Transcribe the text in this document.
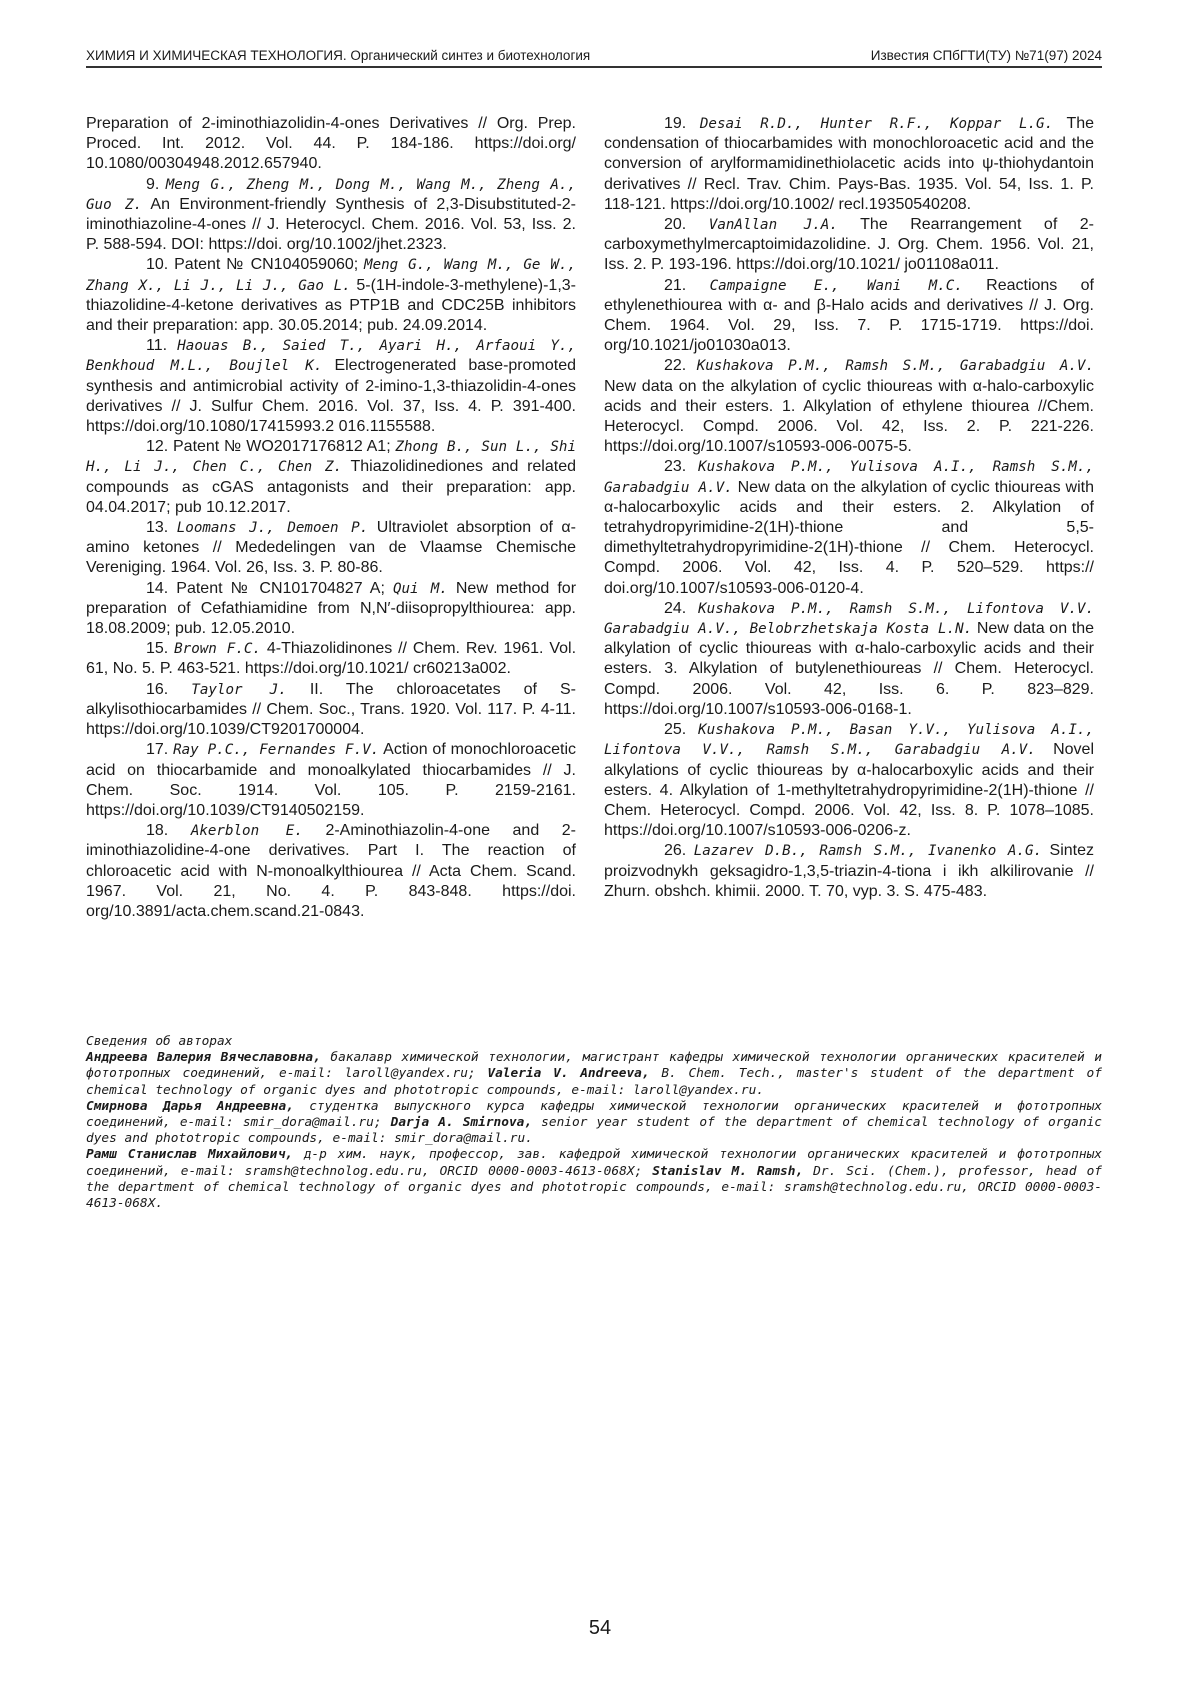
ХИМИЯ И ХИМИЧЕСКАЯ ТЕХНОЛОГИЯ. Органический синтез и биотехнология	Известия СПбГТИ(ТУ) №71(97) 2024

Preparation of 2-iminothiazolidin-4-ones Derivatives // Org. Prep. Proced. Int. 2012. Vol. 44. P. 184-186. https://doi.org/ 10.1080/00304948.2012.657940.

9. Meng G., Zheng M., Dong M., Wang M., Zheng A., Guo Z. An Environment-friendly Synthesis of 2,3-Disubstituted-2-iminothiazoline-4-ones // J. Heterocycl. Chem. 2016. Vol. 53, Iss. 2. P. 588-594. DOI: https://doi. org/10.1002/jhet.2323.

10. Patent № CN104059060; Meng G., Wang M., Ge W., Zhang X., Li J., Li J., Gao L. 5-(1H-indole-3-methylene)-1,3-thiazolidine-4-ketone derivatives as PTP1B and CDC25B inhibitors and their preparation: app. 30.05.2014; pub. 24.09.2014.

11. Haouas B., Saied T., Ayari H., Arfaoui Y., Benkhoud M.L., Boujlel K. Electrogenerated base-promoted synthesis and antimicrobial activity of 2-imino-1,3-thiazolidin-4-ones derivatives // J. Sulfur Chem. 2016. Vol. 37, Iss. 4. P. 391-400. https://doi.org/10.1080/17415993.2 016.1155588.

12. Patent № WO2017176812 A1; Zhong B., Sun L., Shi H., Li J., Chen C., Chen Z. Thiazolidinediones and related compounds as cGAS antagonists and their preparation: app. 04.04.2017; pub 10.12.2017.

13. Loomans J., Demoen P. Ultraviolet absorption of α-amino ketones // Mededelingen van de Vlaamse Chemische Vereniging. 1964. Vol. 26, Iss. 3. P. 80-86.

14. Patent № CN101704827 A; Qui M. New method for preparation of Cefathiamidine from N,N′-diisopropylthiourea: app. 18.08.2009; pub. 12.05.2010.

15. Brown F.C. 4-Thiazolidinones // Chem. Rev. 1961. Vol. 61, No. 5. P. 463-521. https://doi.org/10.1021/ cr60213a002.

16. Taylor J. II. The chloroacetates of S-alkylisothiocarbamides // Chem. Soc., Trans. 1920. Vol. 117. P. 4-11. https://doi.org/10.1039/CT9201700004.

17. Ray P.C., Fernandes F.V. Action of monochloroacetic acid on thiocarbamide and monoalkylated thiocarbamides // J. Chem. Soc. 1914. Vol. 105. P. 2159-2161. https://doi.org/10.1039/CT9140502159.

18. Akerblon E. 2-Aminothiazolin-4-one and 2-iminothiazolidine-4-one derivatives. Part I. The reaction of chloroacetic acid with N-monoalkylthiourea // Acta Chem. Scand. 1967. Vol. 21, No. 4. P. 843-848. https://doi. org/10.3891/acta.chem.scand.21-0843.

19. Desai R.D., Hunter R.F., Koppar L.G. The condensation of thiocarbamides with monochloroacetic acid and the conversion of arylformamidinethiolacetic acids into ψ-thiohydantoin derivatives // Recl. Trav. Chim. Pays-Bas. 1935. Vol. 54, Iss. 1. P. 118-121. https://doi.org/10.1002/ recl.19350540208.

20. VanAllan J.A. The Rearrangement of 2-carboxymethylmercaptoimidazolidine. J. Org. Chem. 1956. Vol. 21, Iss. 2. P. 193-196. https://doi.org/10.1021/ jo01108a011.

21. Campaigne E., Wani M.C. Reactions of ethylenethiourea with α- and β-Halo acids and derivatives // J. Org. Chem. 1964. Vol. 29, Iss. 7. P. 1715-1719. https://doi. org/10.1021/jo01030a013.

22. Kushakova P.M., Ramsh S.M., Garabadgiu A.V. New data on the alkylation of cyclic thioureas with α-halo-carboxylic acids and their esters. 1. Alkylation of ethylene thiourea //Chem. Heterocycl. Compd. 2006. Vol. 42, Iss. 2. P. 221-226. https://doi.org/10.1007/s10593-006-0075-5.

23. Kushakova P.M., Yulisova A.I., Ramsh S.M., Garabadgiu A.V. New data on the alkylation of cyclic thioureas with α-halocarboxylic acids and their esters. 2. Alkylation of tetrahydropyrimidine-2(1H)-thione and 5,5-dimethyltetrahydropyrimidine-2(1H)-thione // Chem. Heterocycl. Compd. 2006. Vol. 42, Iss. 4. P. 520–529. https:// doi.org/10.1007/s10593-006-0120-4.

24. Kushakova P.M., Ramsh S.M., Lifontova V.V. Garabadgiu A.V., Belobrzhetskaja Kosta L.N. New data on the alkylation of cyclic thioureas with α-halo-carboxylic acids and their esters. 3. Alkylation of butylenethioureas // Chem. Heterocycl. Compd. 2006. Vol. 42, Iss. 6. P. 823–829. https://doi.org/10.1007/s10593-006-0168-1.

25. Kushakova P.M., Basan Y.V., Yulisova A.I., Lifontova V.V., Ramsh S.M., Garabadgiu A.V. Novel alkylations of cyclic thioureas by α-halocarboxylic acids and their esters. 4. Alkylation of 1-methyltetrahydropyrimidine-2(1H)-thione // Chem. Heterocycl. Compd. 2006. Vol. 42, Iss. 8. P. 1078–1085. https://doi.org/10.1007/s10593-006-0206-z.

26. Lazarev D.B., Ramsh S.M., Ivanenko A.G. Sintez proizvodnykh geksagidro-1,3,5-triazin-4-tiona i ikh alkilirovanie // Zhurn. obshch. khimii. 2000. T. 70, vyp. 3. S. 475-483.

Сведения об авторах

Андреева Валерия Вячеславовна, бакалавр химической технологии, магистрант кафедры химической технологии органических красителей и фототропных соединений, e-mail: laroll@yandex.ru; Valeria V. Andreeva, B. Chem. Tech., master's student of the department of chemical technology of organic dyes and phototropic compounds, e-mail: laroll@yandex.ru.

Смирнова Дарья Андреевна, студентка выпускного курса кафедры химической технологии органических красителей и фототропных соединений, e-mail: smir_dora@mail.ru; Darja A. Smirnova, senior year student of the department of chemical technology of organic dyes and phototropic compounds, e-mail: smir_dora@mail.ru.

Рамш Станислав Михайлович, д-р хим. наук, профессор, зав. кафедрой химической технологии органических красителей и фототропных соединений, e-mail: sramsh@technolog.edu.ru, ORCID 0000-0003-4613-068X; Stanislav M. Ramsh, Dr. Sci. (Chem.), professor, head of the department of chemical technology of organic dyes and phototropic compounds, e-mail: sramsh@technolog.edu.ru, ORCID 0000-0003-4613-068X.

54
